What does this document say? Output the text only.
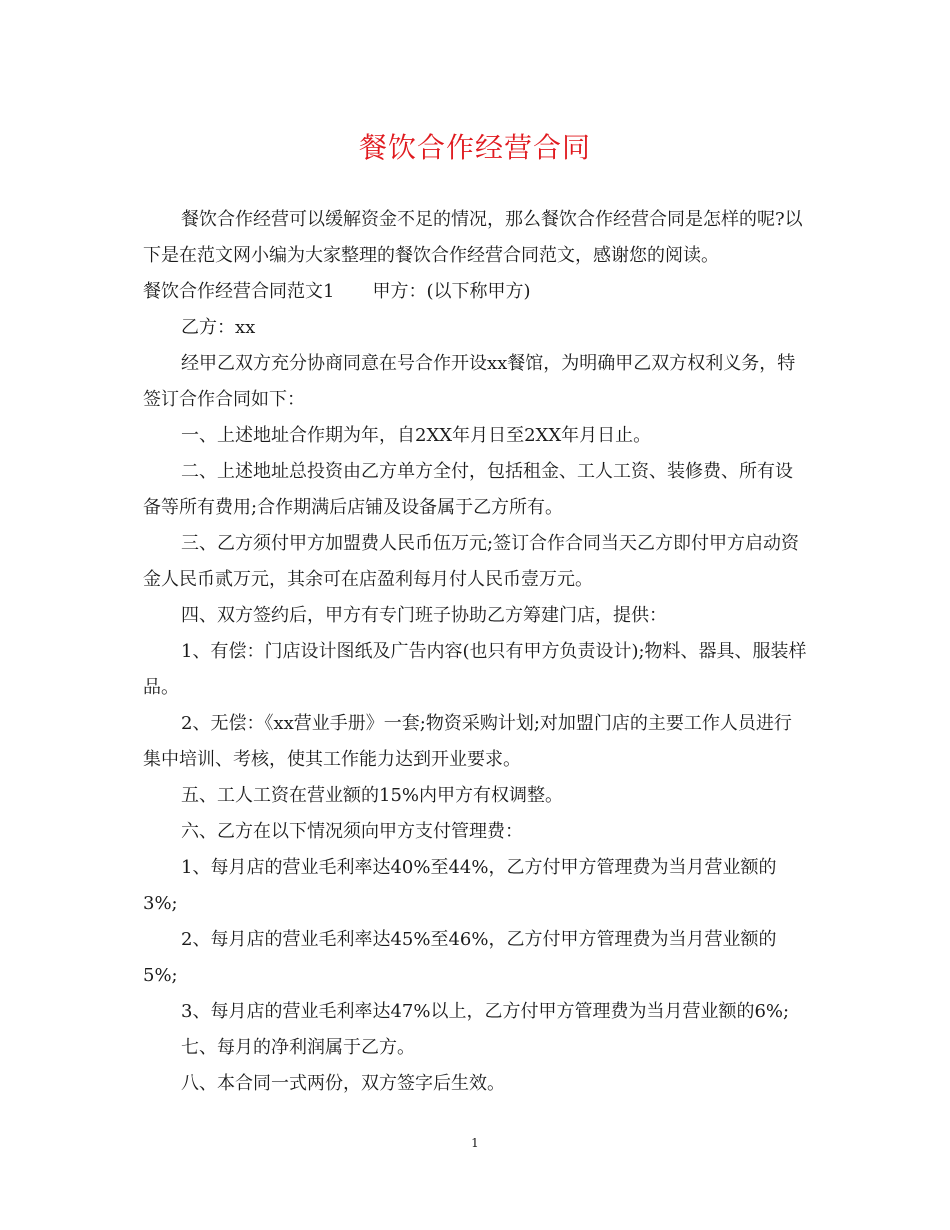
餐饮合作经营合同

餐饮合作经营可以缓解资金不足的情况，那么餐饮合作经营合同是怎样的呢?以下是在范文网小编为大家整理的餐饮合作经营合同范文，感谢您的阅读。

餐饮合作经营合同范文1 甲方：(以下称甲方)

乙方：xx

经甲乙双方充分协商同意在号合作开设xx餐馆，为明确甲乙双方权利义务，特签订合作合同如下：

一、上述地址合作期为年，自2XX年月日至2XX年月日止。

二、上述地址总投资由乙方单方全付，包括租金、工人工资、装修费、所有设备等所有费用;合作期满后店铺及设备属于乙方所有。

三、乙方须付甲方加盟费人民币伍万元;签订合作合同当天乙方即付甲方启动资金人民币贰万元，其余可在店盈利每月付人民币壹万元。

四、双方签约后，甲方有专门班子协助乙方筹建门店，提供：

1、有偿：门店设计图纸及广告内容(也只有甲方负责设计);物料、器具、服装样品。

2、无偿：《xx营业手册》一套;物资采购计划;对加盟门店的主要工作人员进行集中培训、考核，使其工作能力达到开业要求。

五、工人工资在营业额的15%内甲方有权调整。

六、乙方在以下情况须向甲方支付管理费：

1、每月店的营业毛利率达40%至44%，乙方付甲方管理费为当月营业额的3%;

2、每月店的营业毛利率达45%至46%，乙方付甲方管理费为当月营业额的5%;

3、每月店的营业毛利率达47%以上，乙方付甲方管理费为当月营业额的6%;

七、每月的净利润属于乙方。

八、本合同一式两份，双方签字后生效。

1
